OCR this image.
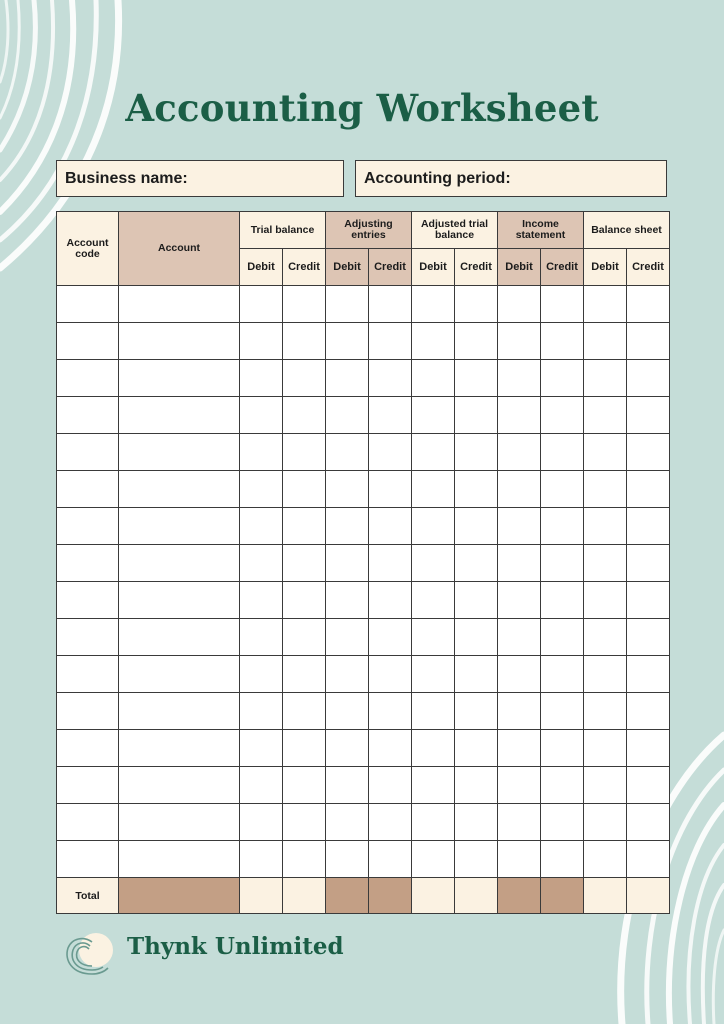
Accounting Worksheet
Business name:	Accounting period:
Account code	Account	Trial balance		Adjusting entries		Adjusted trial balance		Income statement		Balance sheet	
		Debit	Credit	Debit	Credit	Debit	Credit	Debit	Credit	Debit	Credit

Total											
Thynk Unlimited
